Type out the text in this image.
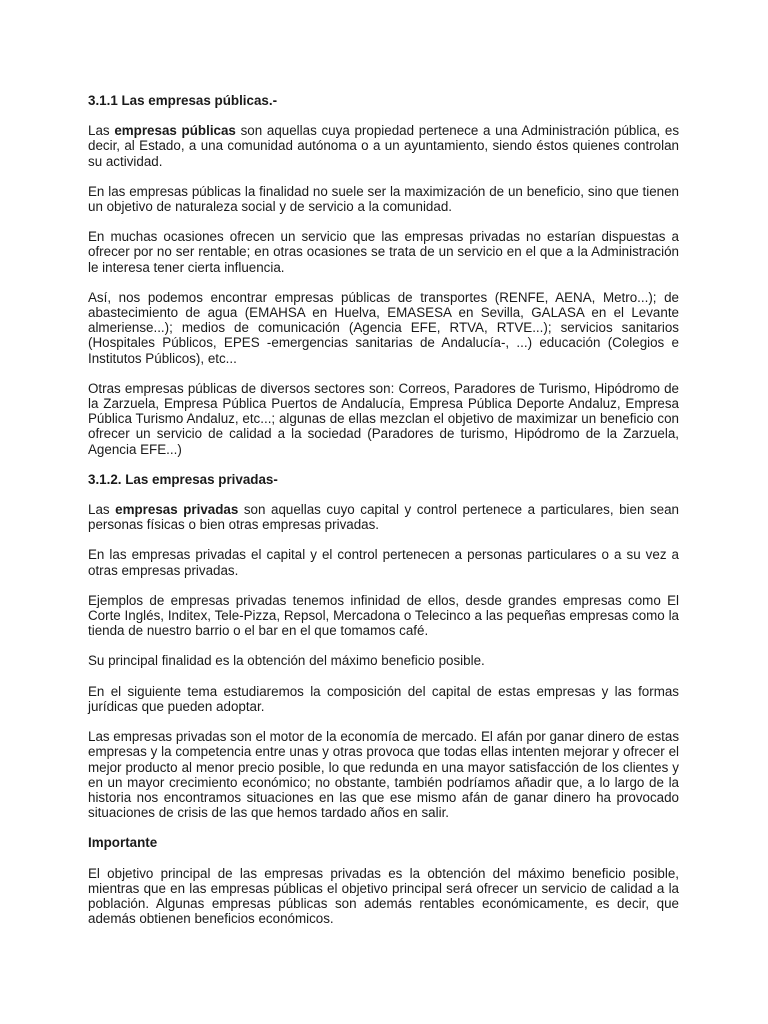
3.1.1 Las empresas públicas.-

Las empresas públicas son aquellas cuya propiedad pertenece a una Administración pública, es decir, al Estado, a una comunidad autónoma o a un ayuntamiento, siendo éstos quienes controlan su actividad.

En las empresas públicas la finalidad no suele ser la maximización de un beneficio, sino que tienen un objetivo de naturaleza social y de servicio a la comunidad.

En muchas ocasiones ofrecen un servicio que las empresas privadas no estarían dispuestas a ofrecer por no ser rentable; en otras ocasiones se trata de un servicio en el que a la Administración le interesa tener cierta influencia.

Así, nos podemos encontrar empresas públicas de transportes (RENFE, AENA, Metro...); de abastecimiento de agua (EMAHSA en Huelva, EMASESA en Sevilla, GALASA en el Levante almeriense...); medios de comunicación (Agencia EFE, RTVA, RTVE...); servicios sanitarios (Hospitales Públicos, EPES -emergencias sanitarias de Andalucía-, ...) educación (Colegios e Institutos Públicos), etc...

Otras empresas públicas de diversos sectores son: Correos, Paradores de Turismo, Hipódromo de la Zarzuela, Empresa Pública Puertos de Andalucía, Empresa Pública Deporte Andaluz, Empresa Pública Turismo Andaluz, etc...; algunas de ellas mezclan el objetivo de maximizar un beneficio con ofrecer un servicio de calidad a la sociedad (Paradores de turismo, Hipódromo de la Zarzuela, Agencia EFE...)

3.1.2. Las empresas privadas-

Las empresas privadas son aquellas cuyo capital y control pertenece a particulares, bien sean personas físicas o bien otras empresas privadas.

En las empresas privadas el capital y el control pertenecen a personas particulares o a su vez a otras empresas privadas.

Ejemplos de empresas privadas tenemos infinidad de ellos, desde grandes empresas como El Corte Inglés, Inditex, Tele-Pizza, Repsol, Mercadona o Telecinco a las pequeñas empresas como la tienda de nuestro barrio o el bar en el que tomamos café.

Su principal finalidad es la obtención del máximo beneficio posible.

En el siguiente tema estudiaremos la composición del capital de estas empresas y las formas jurídicas que pueden adoptar.

Las empresas privadas son el motor de la economía de mercado. El afán por ganar dinero de estas empresas y la competencia entre unas y otras provoca que todas ellas intenten mejorar y ofrecer el mejor producto al menor precio posible, lo que redunda en una mayor satisfacción de los clientes y en un mayor crecimiento económico; no obstante, también podríamos añadir que, a lo largo de la historia nos encontramos situaciones en las que ese mismo afán de ganar dinero ha provocado situaciones de crisis de las que hemos tardado años en salir.

Importante

El objetivo principal de las empresas privadas es la obtención del máximo beneficio posible, mientras que en las empresas públicas el objetivo principal será ofrecer un servicio de calidad a la población. Algunas empresas públicas son además rentables económicamente, es decir, que además obtienen beneficios económicos.
